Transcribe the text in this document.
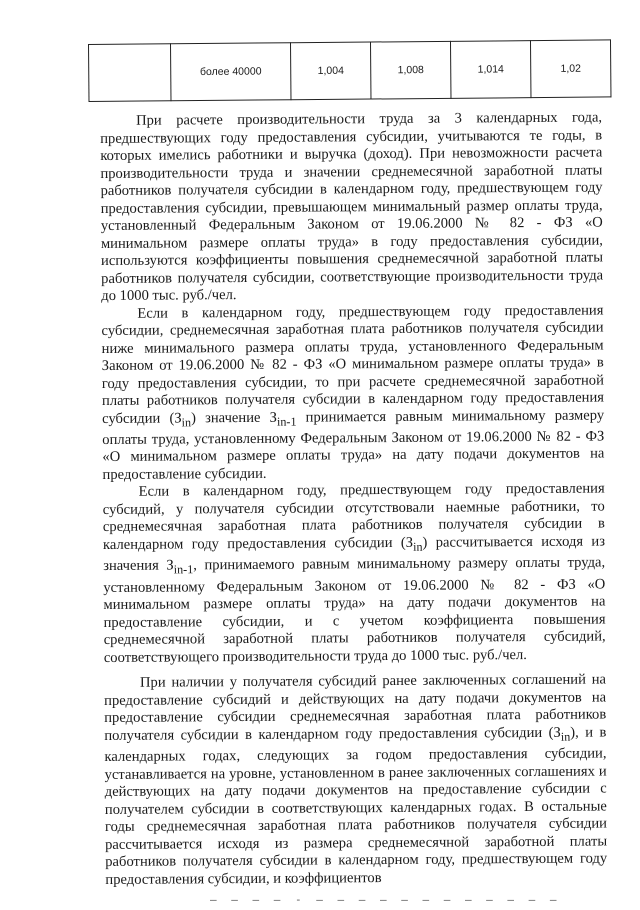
	более 40000	1,004	1,008	1,014	1,02

При расчете производительности труда за 3 календарных года, предшествующих году предоставления субсидии, учитываются те годы, в которых имелись работники и выручка (доход). При невозможности расчета производительности труда и значении среднемесячной заработной платы работников получателя субсидии в календарном году, предшествующем году предоставления субсидии, превышающем минимальный размер оплаты труда, установленный Федеральным Законом от 19.06.2000 № 82 - ФЗ «О минимальном размере оплаты труда» в году предоставления субсидии, используются коэффициенты повышения среднемесячной заработной платы работников получателя субсидии, соответствующие производительности труда до 1000 тыс. руб./чел.

Если в календарном году, предшествующем году предоставления субсидии, среднемесячная заработная плата работников получателя субсидии ниже минимального размера оплаты труда, установленного Федеральным Законом от 19.06.2000 № 82 - ФЗ «О минимальном размере оплаты труда» в году предоставления субсидии, то при расчете среднемесячной заработной платы работников получателя субсидии в календарном году предоставления субсидии $(З_{in})$ значение $З_{in-1}$ принимается равным минимальному размеру оплаты труда, установленному Федеральным Законом от 19.06.2000 № 82 - ФЗ «О минимальном размере оплаты труда» на дату подачи документов на предоставление субсидии.

Если в календарном году, предшествующем году предоставления субсидий, у получателя субсидии отсутствовали наемные работники, то среднемесячная заработная плата работников получателя субсидии в календарном году предоставления субсидии $(З_{in})$ рассчитывается исходя из значения $З_{in-1}$, принимаемого равным минимальному размеру оплаты труда, установленному Федеральным Законом от 19.06.2000 № 82 - ФЗ «О минимальном размере оплаты труда» на дату подачи документов на предоставление субсидии, и с учетом коэффициента повышения среднемесячной заработной платы работников получателя субсидий, соответствующего производительности труда до 1000 тыс. руб./чел.

При наличии у получателя субсидий ранее заключенных соглашений на предоставление субсидий и действующих на дату подачи документов на предоставление субсидии среднемесячная заработная плата работников получателя субсидии в календарном году предоставления субсидии $(З_{in})$, и в календарных годах, следующих за годом предоставления субсидии, устанавливается на уровне, установленном в ранее заключенных соглашениях и действующих на дату подачи документов на предоставление субсидии с получателем субсидии в соответствующих календарных годах. В остальные годы среднемесячная заработная плата работников получателя субсидии рассчитывается исходя из размера среднемесячной заработной платы работников получателя субсидии в календарном году, предшествующем году предоставления субсидии, и коэффициентов

— — — — - — — — — — — — — — — — —
